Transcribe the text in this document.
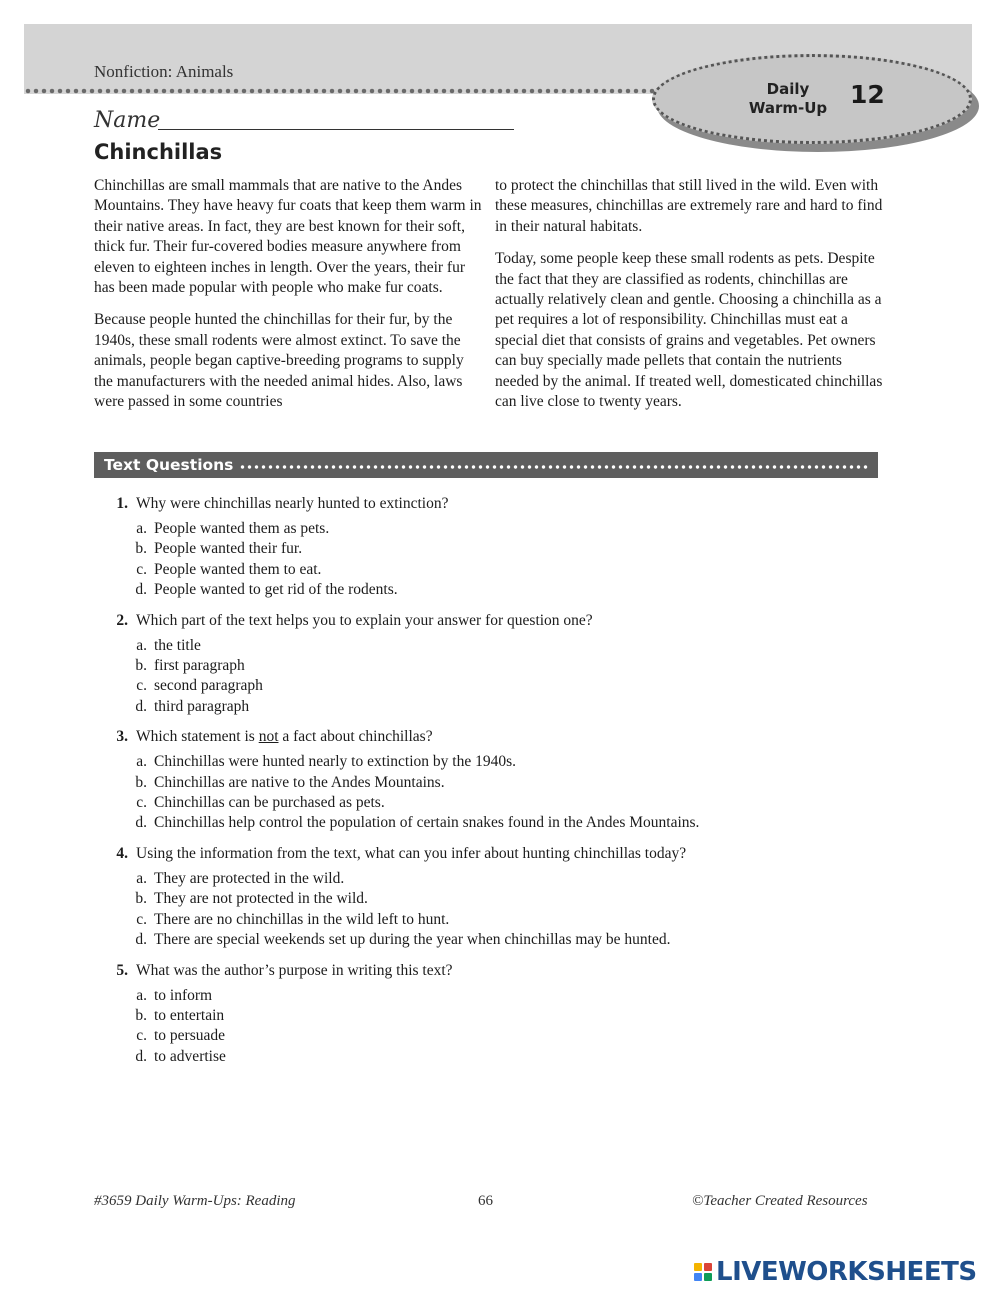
Nonfiction: Animals
Daily
Warm-Up 12
Name
Chinchillas

Chinchillas are small mammals that are native to the Andes Mountains. They have heavy fur coats that keep them warm in their native areas. In fact, they are best known for their soft, thick fur. Their fur-covered bodies measure anywhere from eleven to eighteen inches in length. Over the years, their fur has been made popular with people who make fur coats.

Because people hunted the chinchillas for their fur, by the 1940s, these small rodents were almost extinct. To save the animals, people began captive-breeding programs to supply the manufacturers with the needed animal hides. Also, laws were passed in some countries

to protect the chinchillas that still lived in the wild. Even with these measures, chinchillas are extremely rare and hard to find in their natural habitats.

Today, some people keep these small rodents as pets. Despite the fact that they are classified as rodents, chinchillas are actually relatively clean and gentle. Choosing a chinchilla as a pet requires a lot of responsibility. Chinchillas must eat a special diet that consists of grains and vegetables. Pet owners can buy specially made pellets that contain the nutrients needed by the animal. If treated well, domesticated chinchillas can live close to twenty years.

Text Questions
1. Why were chinchillas nearly hunted to extinction?
a. People wanted them as pets.
b. People wanted their fur.
c. People wanted them to eat.
d. People wanted to get rid of the rodents.
2. Which part of the text helps you to explain your answer for question one?
a. the title
b. first paragraph
c. second paragraph
d. third paragraph
3. Which statement is not a fact about chinchillas?
a. Chinchillas were hunted nearly to extinction by the 1940s.
b. Chinchillas are native to the Andes Mountains.
c. Chinchillas can be purchased as pets.
d. Chinchillas help control the population of certain snakes found in the Andes Mountains.
4. Using the information from the text, what can you infer about hunting chinchillas today?
a. They are protected in the wild.
b. They are not protected in the wild.
c. There are no chinchillas in the wild left to hunt.
d. There are special weekends set up during the year when chinchillas may be hunted.
5. What was the author’s purpose in writing this text?
a. to inform
b. to entertain
c. to persuade
d. to advertise
#3659 Daily Warm-Ups: Reading	66	©Teacher Created Resources
LIVEWORKSHEETS
